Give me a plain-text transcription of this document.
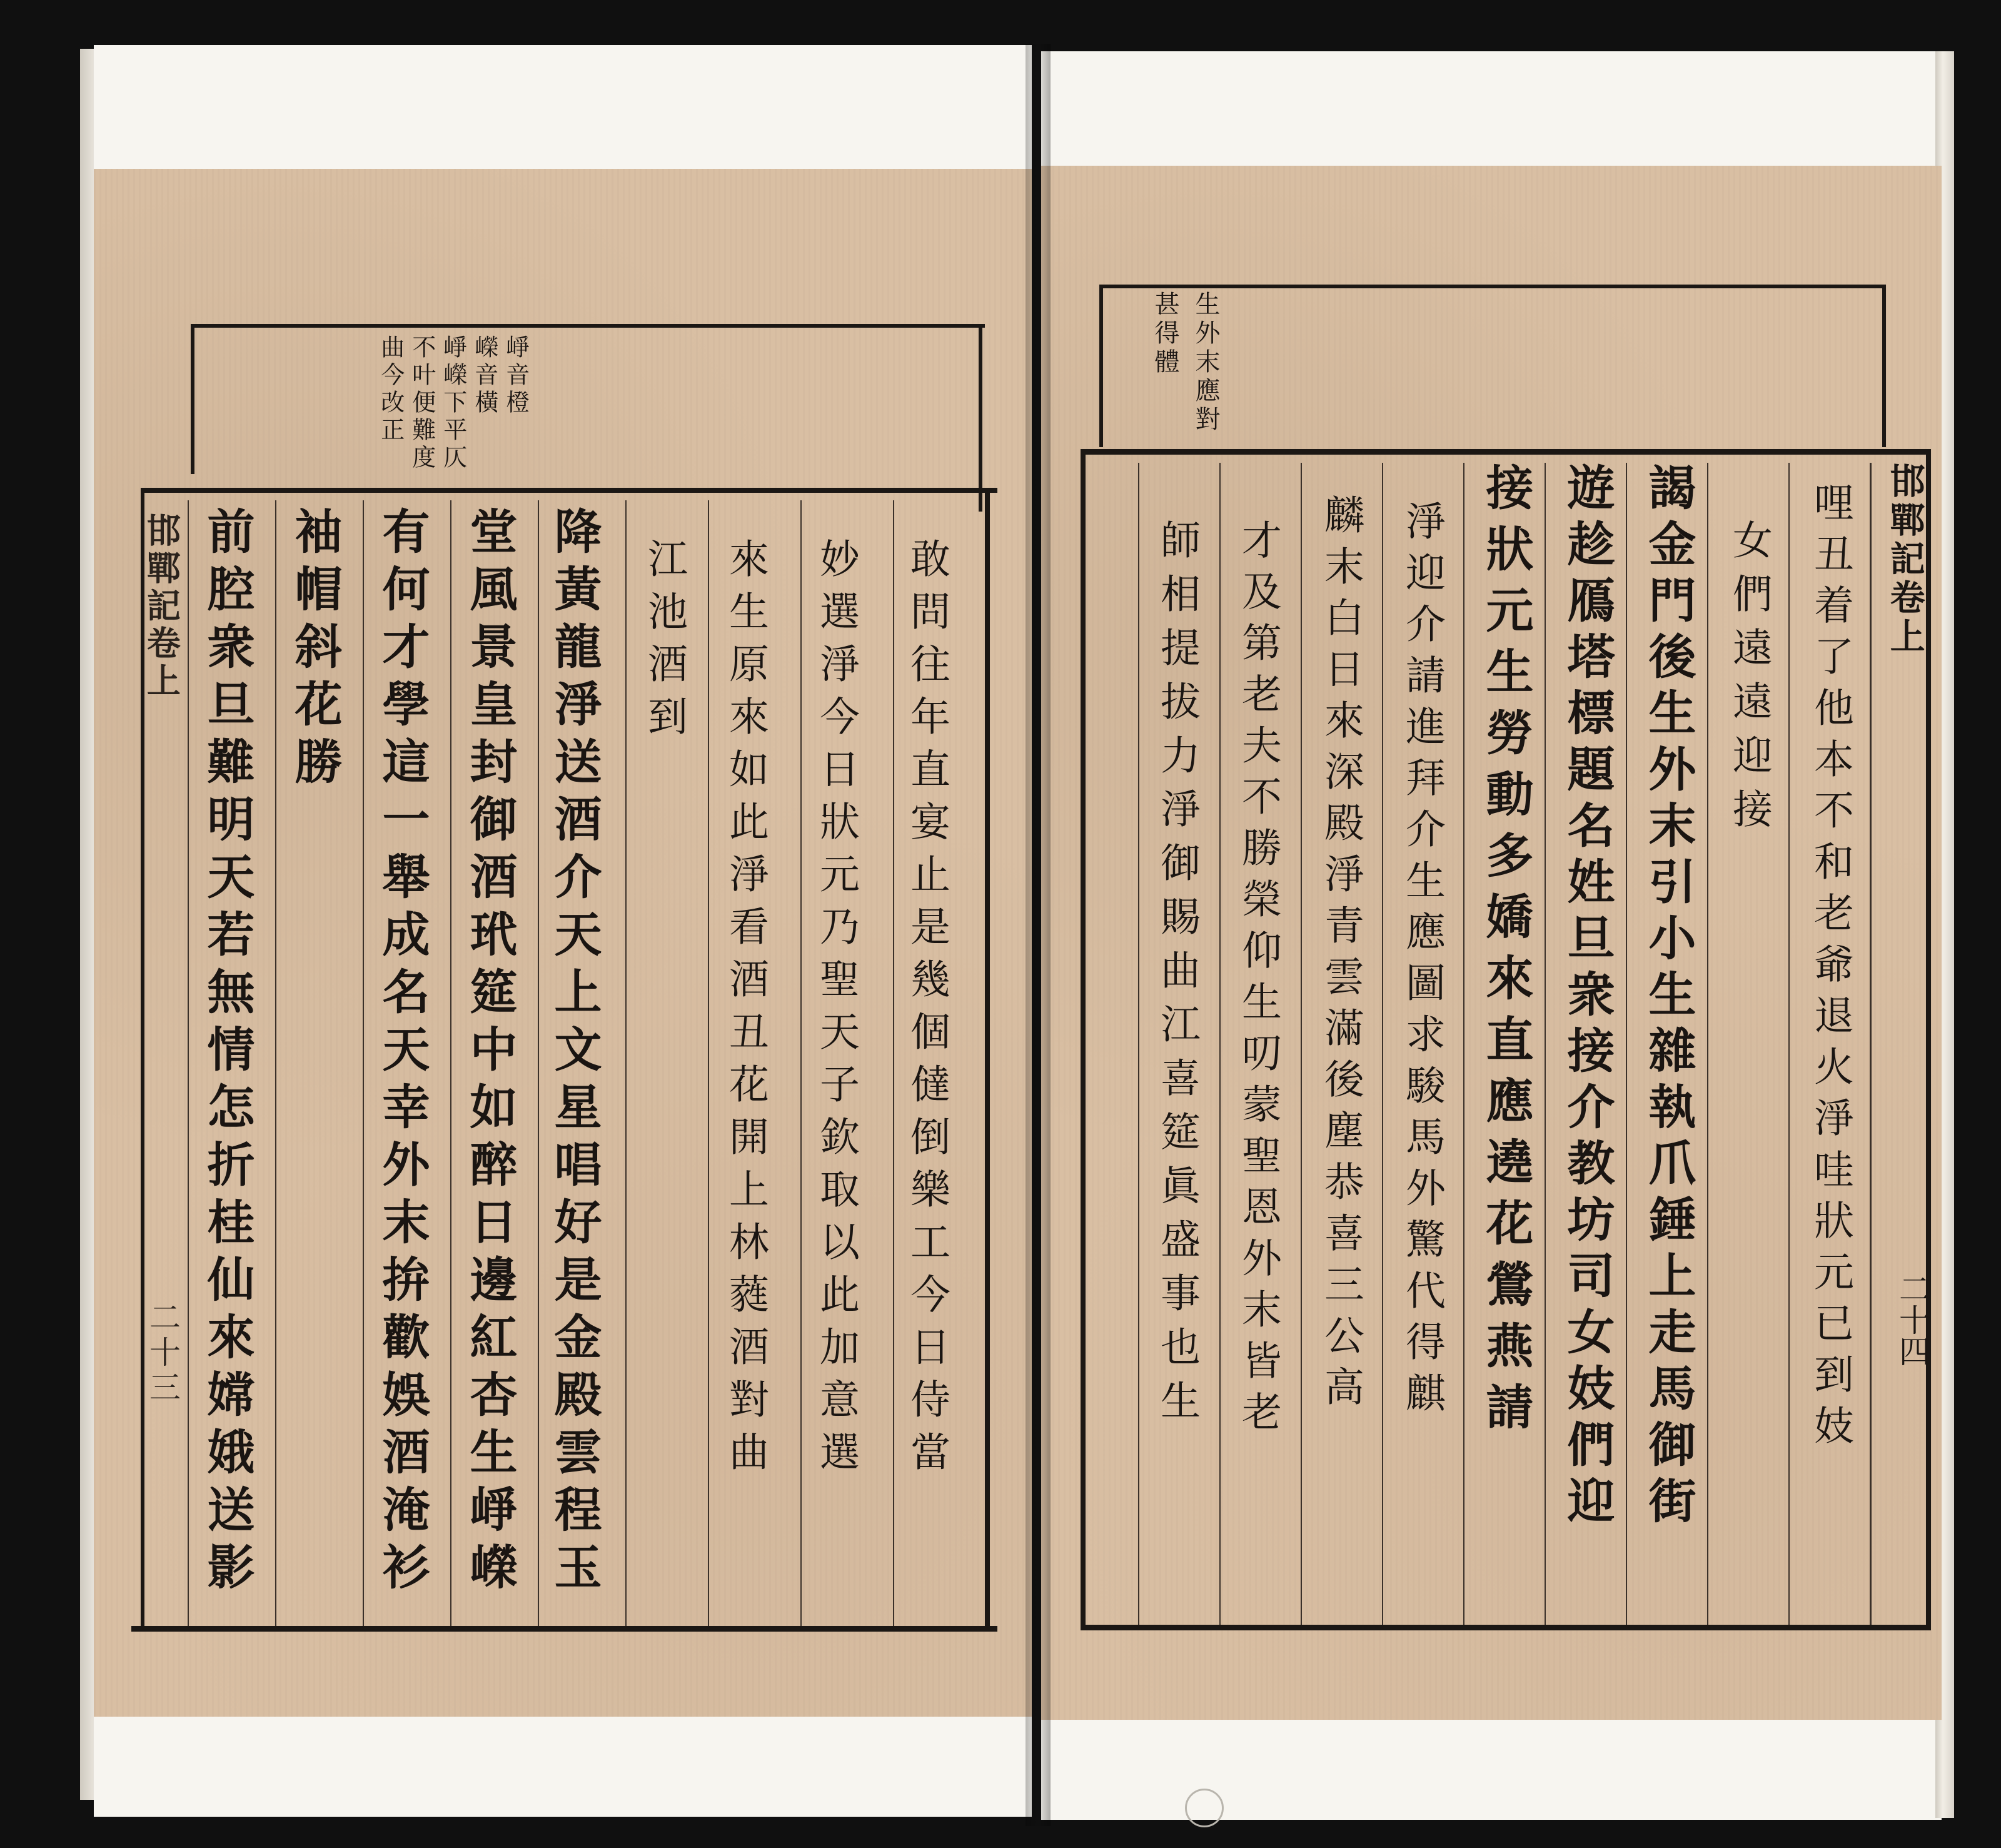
崢音橙
嶸音橫
崢嶸下平仄
不叶便難度
曲今改正
敢問往年直宴止是幾個㒓倒樂工今日侍當
妙選淨今日狀元乃聖天子欽取以此加意選
來生原來如此淨看酒丑花開上林蕤酒對曲
江池酒到
降黃龍淨送酒介天上文星唱好是金殿雲程玉
堂風景皇封御酒玳筵中如醉日邊紅杏生崢嶸
有何才學這一舉成名天幸外末拚歡娛酒淹衫
袖帽斜花勝
前腔衆旦難明天若無情怎折桂仙來嫦娥送影
邯鄲記卷上
二十三
生外末應對
甚得體
邯鄲記卷上
二十四
哩丑着了他本不和老爺退火淨哇狀元已到妓
女們遠遠迎接
謁金門後生外末引小生雜執爪錘上走馬御街
遊趁鴈塔標題名姓旦衆接介教坊司女妓們迎
接狀元生勞動多嬌來直應遶花鶯燕請
淨迎介請進拜介生應圖求駿馬外驚代得麒
麟末白日來深殿淨青雲滿後塵恭喜三公高
才及第老夫不勝榮仰生叨蒙聖恩外末皆老
師相提拔力淨御賜曲江喜筵眞盛事也生
